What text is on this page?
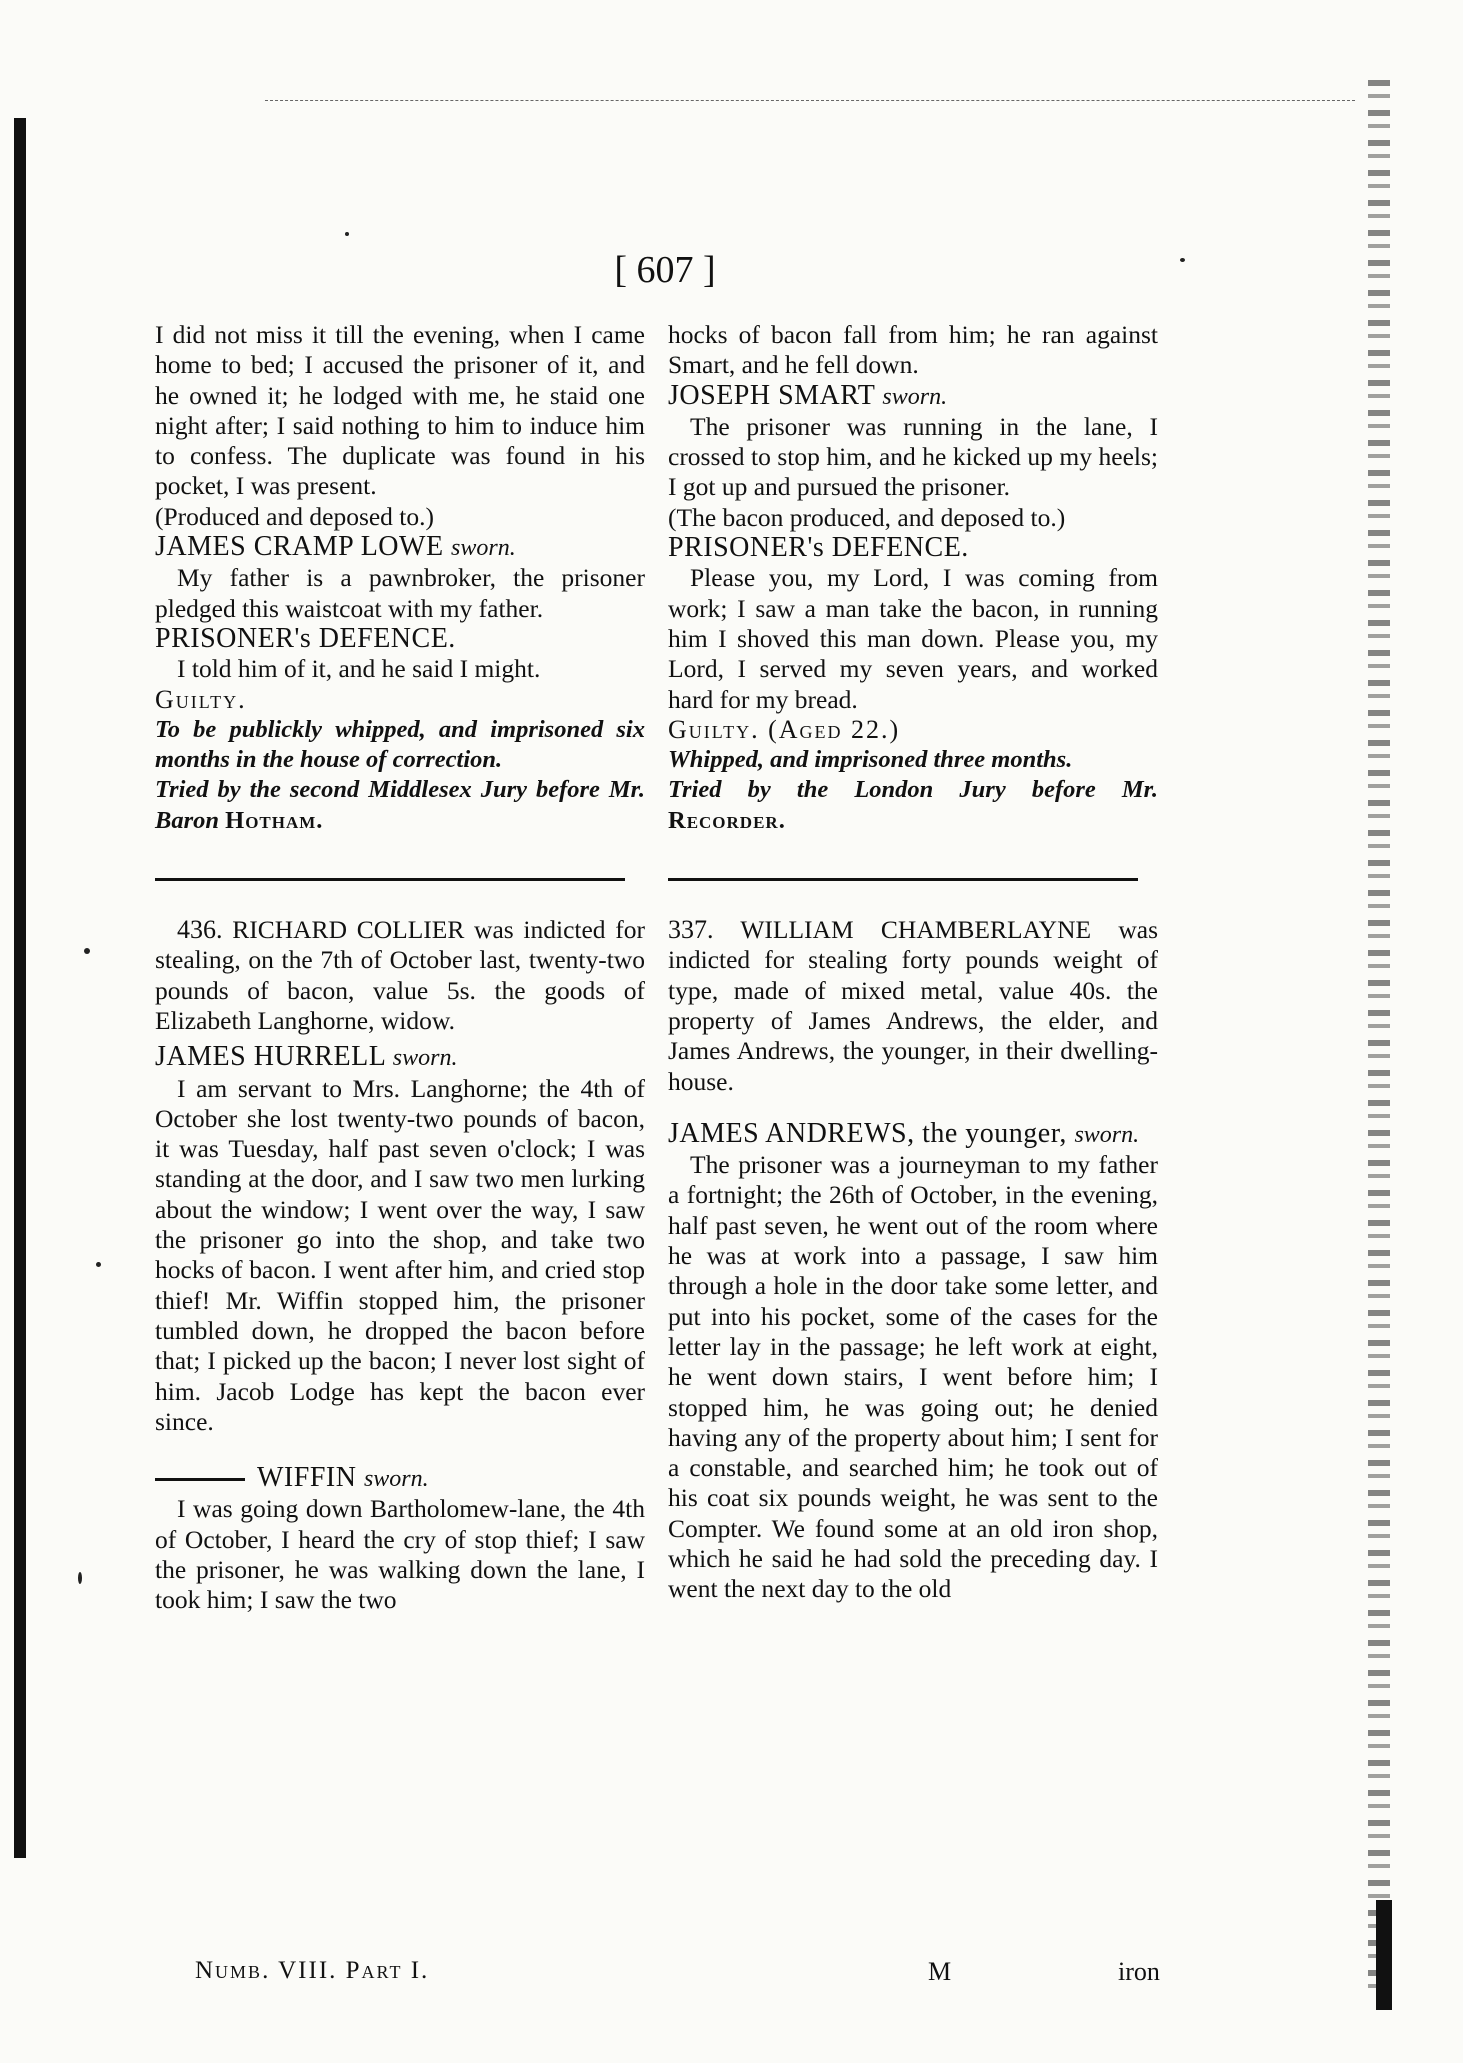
[ 607 ]

I did not miss it till the evening, when I came home to bed; I accused the prisoner of it, and he owned it; he lodged with me, he staid one night after; I said nothing to him to induce him to confess. The duplicate was found in his pocket, I was present.

(Produced and deposed to.)

JAMES CRAMP LOWE sworn.

My father is a pawnbroker, the prisoner pledged this waistcoat with my father.

PRISONER's DEFENCE.

I told him of it, and he said I might.

Guilty.

To be publickly whipped, and imprisoned six months in the house of correction.

Tried by the second Middlesex Jury before Mr. Baron Hotham.

436. RICHARD COLLIER was indicted for stealing, on the 7th of October last, twenty-two pounds of bacon, value 5s. the goods of Elizabeth Langhorne, widow.

JAMES HURRELL sworn.

I am servant to Mrs. Langhorne; the 4th of October she lost twenty-two pounds of bacon, it was Tuesday, half past seven o'clock; I was standing at the door, and I saw two men lurking about the window; I went over the way, I saw the prisoner go into the shop, and take two hocks of bacon. I went after him, and cried stop thief! Mr. Wiffin stopped him, the prisoner tumbled down, he dropped the bacon before that; I picked up the bacon; I never lost sight of him. Jacob Lodge has kept the bacon ever since.

WIFFIN sworn.

I was going down Bartholomew-lane, the 4th of October, I heard the cry of stop thief; I saw the prisoner, he was walking down the lane, I took him; I saw the two

hocks of bacon fall from him; he ran against Smart, and he fell down.

JOSEPH SMART sworn.

The prisoner was running in the lane, I crossed to stop him, and he kicked up my heels; I got up and pursued the prisoner.

(The bacon produced, and deposed to.)

PRISONER's DEFENCE.

Please you, my Lord, I was coming from work; I saw a man take the bacon, in running him I shoved this man down. Please you, my Lord, I served my seven years, and worked hard for my bread.

Guilty. (Aged 22.)

Whipped, and imprisoned three months.

Tried by the London Jury before Mr. Recorder.

337. WILLIAM CHAMBERLAYNE was indicted for stealing forty pounds weight of type, made of mixed metal, value 40s. the property of James Andrews, the elder, and James Andrews, the younger, in their dwelling-house.

JAMES ANDREWS, the younger, sworn.

The prisoner was a journeyman to my father a fortnight; the 26th of October, in the evening, half past seven, he went out of the room where he was at work into a passage, I saw him through a hole in the door take some letter, and put into his pocket, some of the cases for the letter lay in the passage; he left work at eight, he went down stairs, I went before him; I stopped him, he was going out; he denied having any of the property about him; I sent for a constable, and searched him; he took out of his coat six pounds weight, he was sent to the Compter. We found some at an old iron shop, which he said he had sold the preceding day. I went the next day to the old

Numb. VIII. Part I.	M	iron
